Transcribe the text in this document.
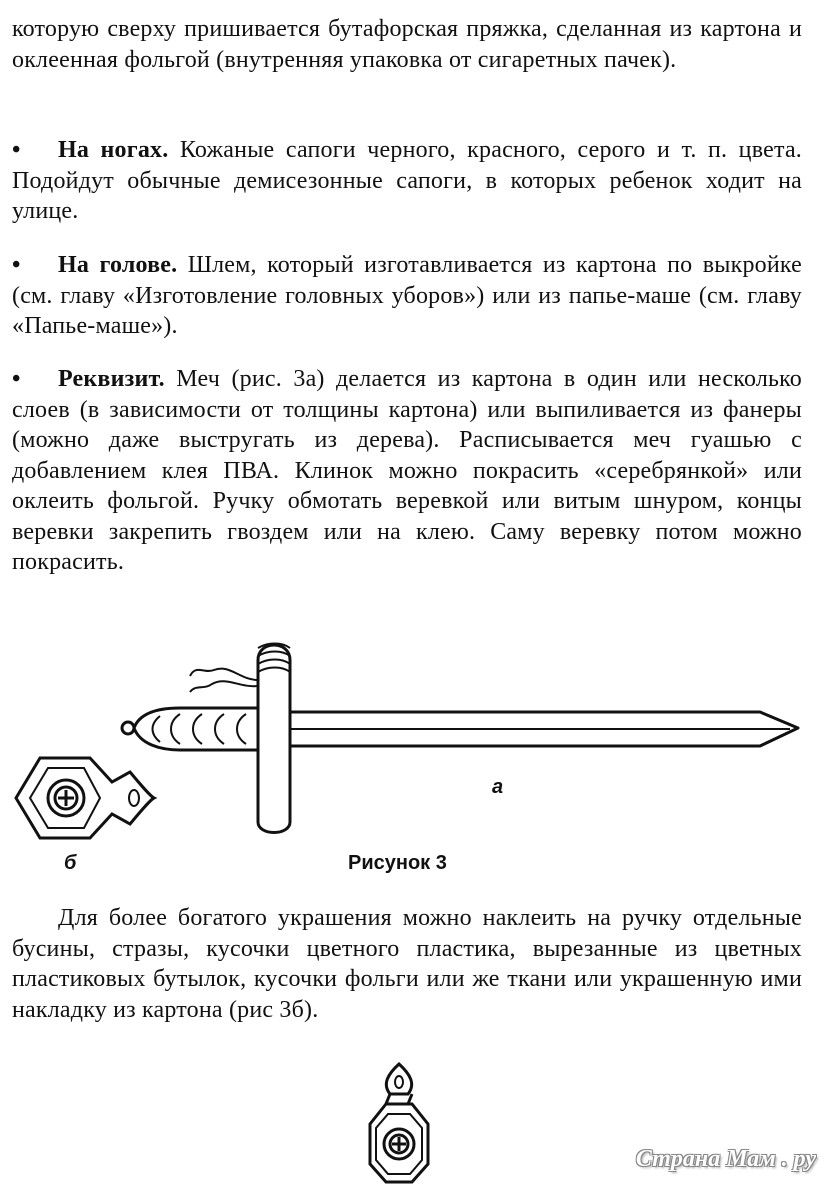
которую сверху пришивается бутафорская пряжка, сделанная из картона и оклеенная фольгой (внутренняя упаковка от сигаретных пачек).

•	На ногах. Кожаные сапоги черного, красного, серого и т. п. цвета. Подойдут обычные демисезонные сапоги, в которых ребенок ходит на улице.

•	На голове. Шлем, который изготавливается из картона по выкройке (см. главу «Изготовление головных уборов») или из папье-маше (см. главу «Папье-маше»).

•	Реквизит. Меч (рис. 3а) делается из картона в один или несколько слоев (в зависимости от толщины картона) или выпиливается из фанеры (можно даже выстругать из дерева). Расписывается меч гуашью с добавлением клея ПВА. Клинок можно покрасить «серебрянкой» или оклеить фольгой. Ручку обмотать веревкой или витым шнуром, концы веревки закрепить гвоздем или на клею. Саму веревку потом можно покрасить.

а
б	Рисунок 3

Для более богатого украшения можно наклеить на ручку отдельные бусины, стразы, кусочки цветного пластика, вырезанные из цветных пластиковых бутылок, кусочки фольги или же ткани или украшенную ими накладку из картона (рис 3б).

Страна Мам . ру
